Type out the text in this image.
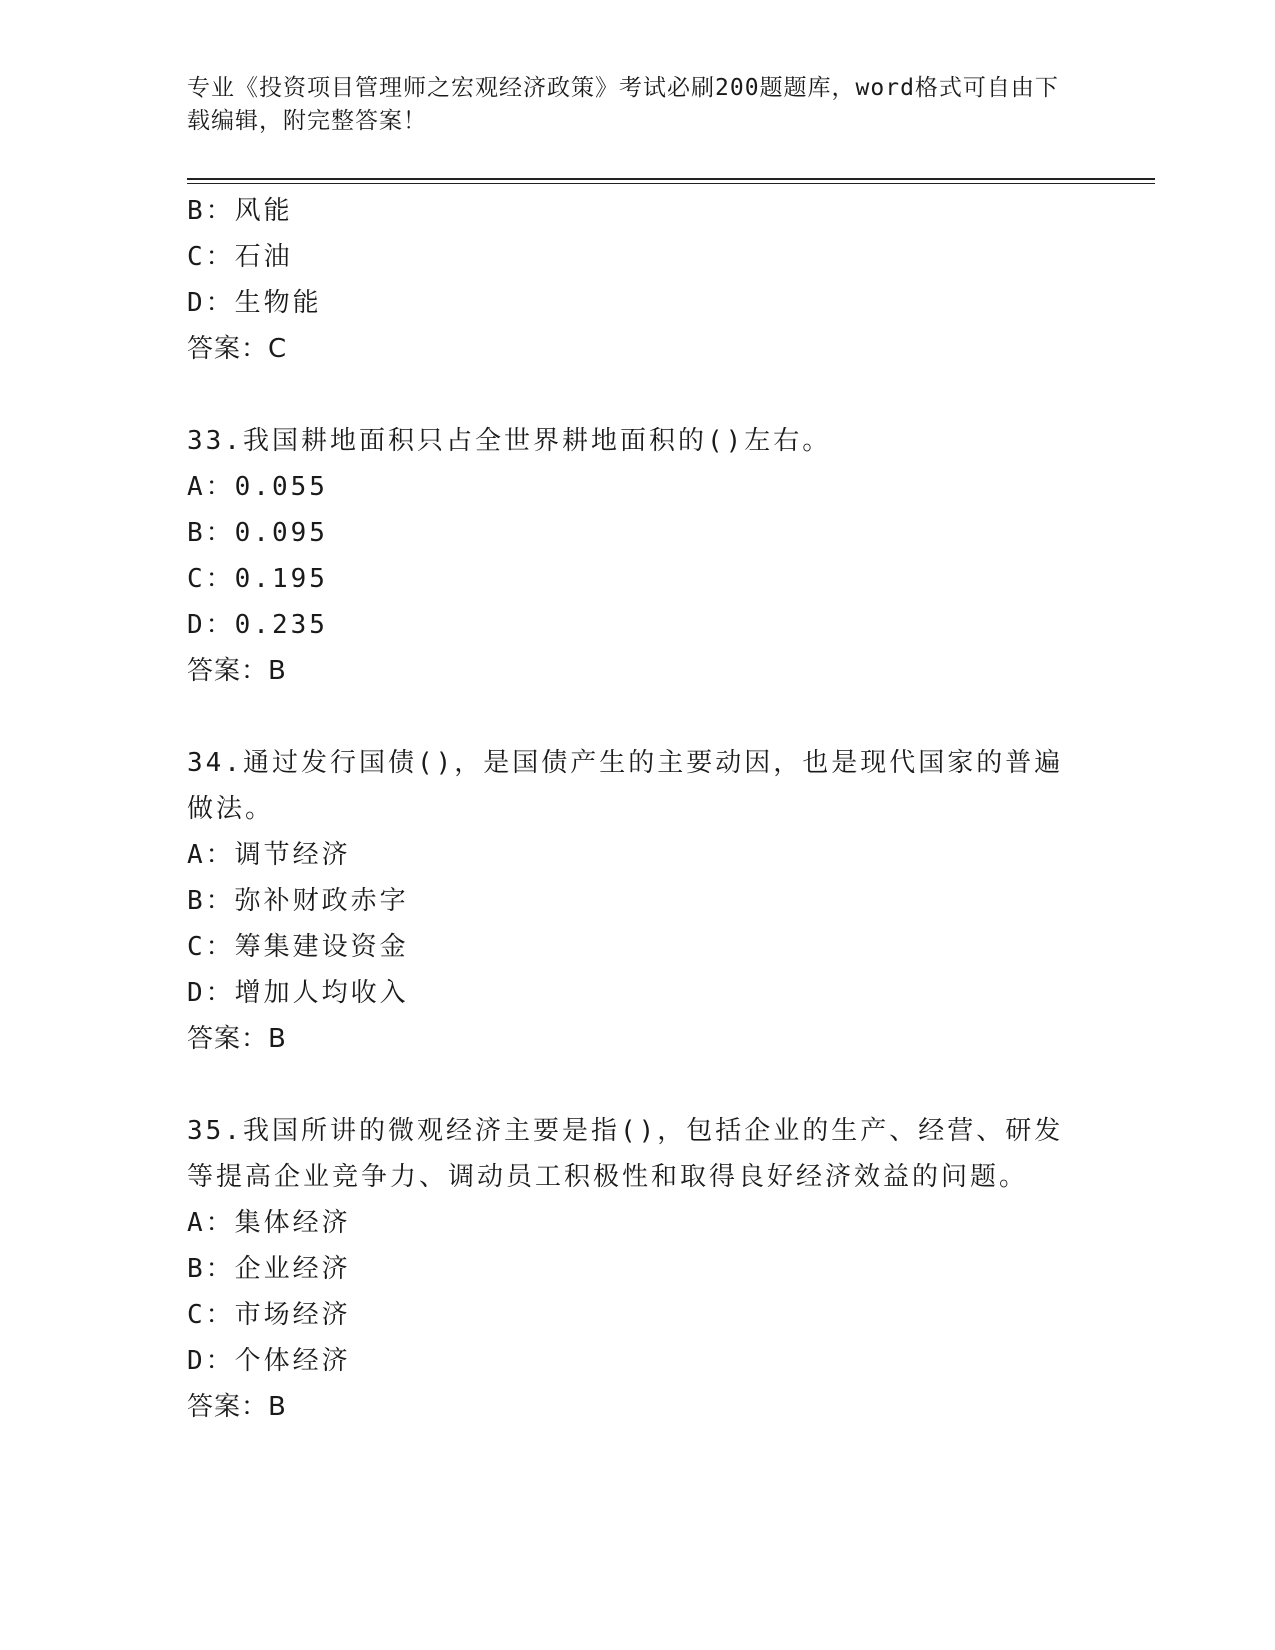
专业《投资项目管理师之宏观经济政策》考试必刷200题题库，word格式可自由下载编辑，附完整答案！
B：风能
C：石油
D：生物能
答案：C
33.我国耕地面积只占全世界耕地面积的()左右。
A：0.055
B：0.095
C：0.195
D：0.235
答案：B
34.通过发行国债()，是国债产生的主要动因，也是现代国家的普遍做法。
A：调节经济
B：弥补财政赤字
C：筹集建设资金
D：增加人均收入
答案：B
35.我国所讲的微观经济主要是指()，包括企业的生产、经营、研发等提高企业竞争力、调动员工积极性和取得良好经济效益的问题。
A：集体经济
B：企业经济
C：市场经济
D：个体经济
答案：B
